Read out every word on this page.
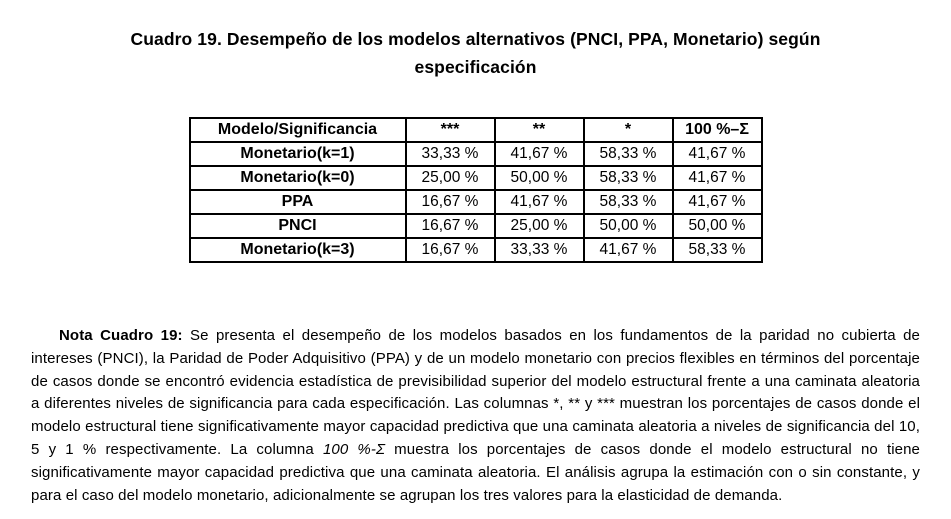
Cuadro 19. Desempeño de los modelos alternativos (PNCI, PPA, Monetario) según especificación
Modelo/Significancia	***	**	*	100 %–Σ
Monetario(k=1)	33,33 %	41,67 %	58,33 %	41,67 %
Monetario(k=0)	25,00 %	50,00 %	58,33 %	41,67 %
PPA	16,67 %	41,67 %	58,33 %	41,67 %
PNCI	16,67 %	25,00 %	50,00 %	50,00 %
Monetario(k=3)	16,67 %	33,33 %	41,67 %	58,33 %

Nota Cuadro 19: Se presenta el desempeño de los modelos basados en los fundamentos de la paridad no cubierta de intereses (PNCI), la Paridad de Poder Adquisitivo (PPA) y de un modelo monetario con precios flexibles en términos del porcentaje de casos donde se encontró evidencia estadística de previsibilidad superior del modelo estructural frente a una caminata aleatoria a diferentes niveles de significancia para cada especificación. Las columnas *, ** y *** muestran los porcentajes de casos donde el modelo estructural tiene significativamente mayor capacidad predictiva que una caminata aleatoria a niveles de significancia del 10, 5 y 1 % respectivamente. La columna 100 %-Σ muestra los porcentajes de casos donde el modelo estructural no tiene significativamente mayor capacidad predictiva que una caminata aleatoria. El análisis agrupa la estimación con o sin constante, y para el caso del modelo monetario, adicionalmente se agrupan los tres valores para la elasticidad de demanda.
